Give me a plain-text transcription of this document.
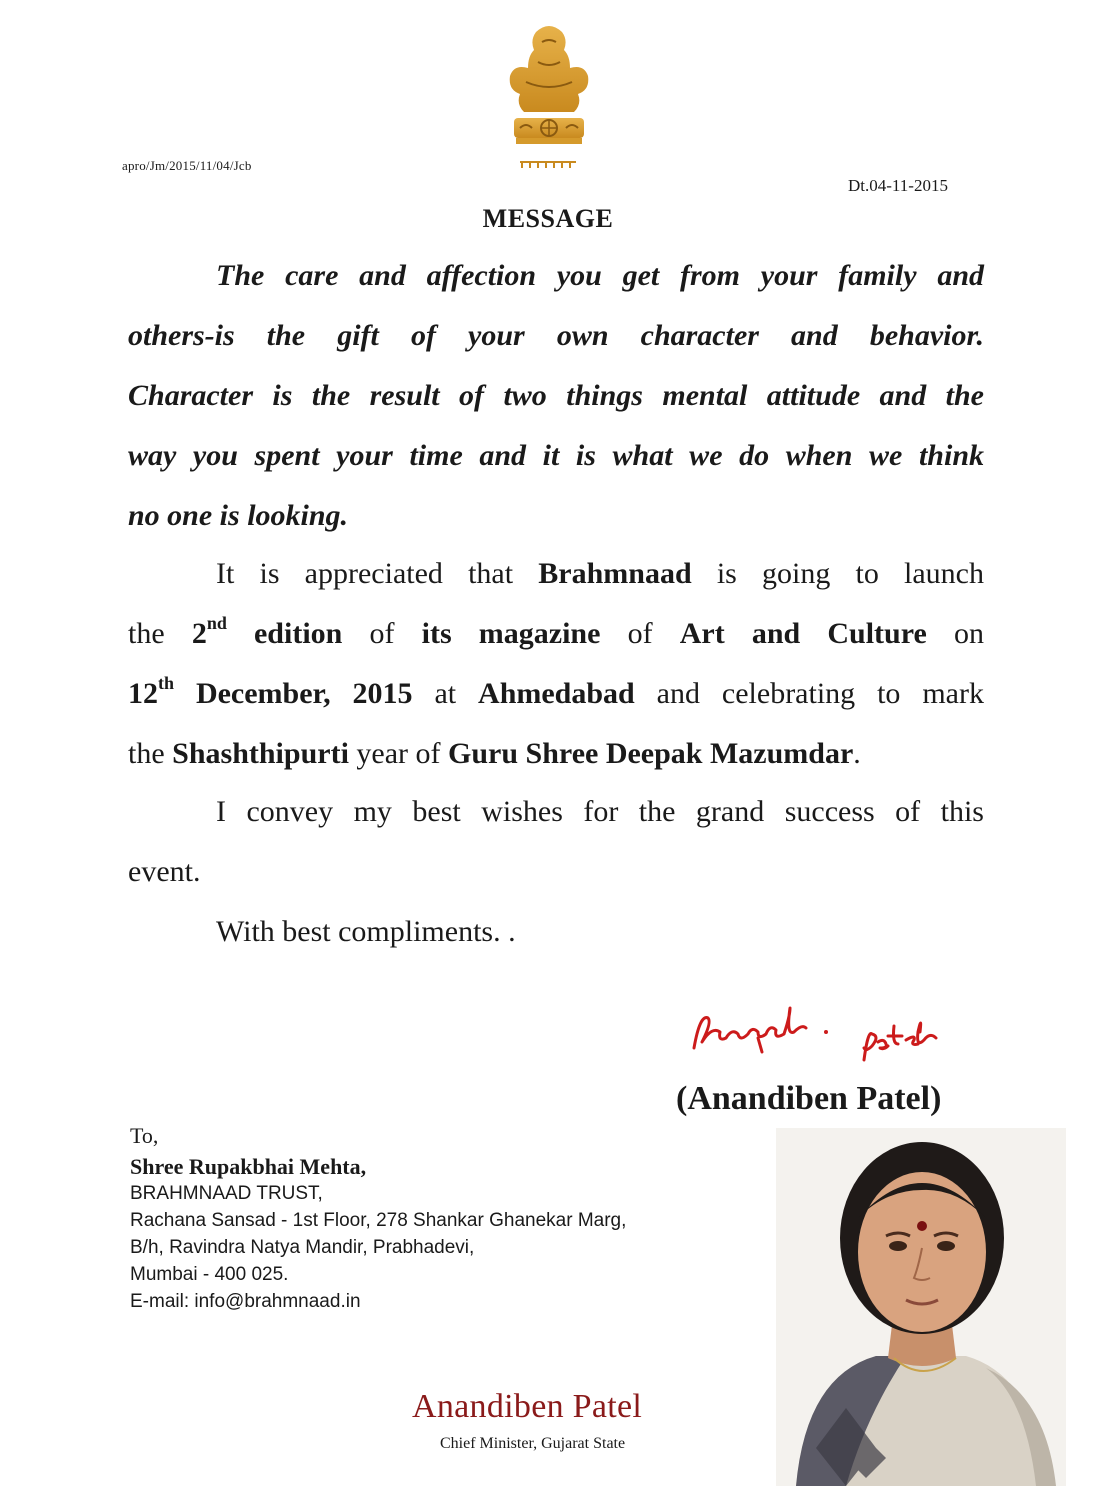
apro/Jm/2015/11/04/Jcb
Dt.04-11-2015
MESSAGE
The care and affection you get from your family and
others-is the gift of your own character and behavior.
Character is the result of two things mental attitude and the
way you spent your time and it is what we do when we think
no one is looking.
It is appreciated that Brahmnaad is going to launch
the 2nd edition of its magazine of Art and Culture on
12th December, 2015 at Ahmedabad and celebrating to mark
the Shashthipurti year of Guru Shree Deepak Mazumdar.
I convey my best wishes for the grand success of this
event.
With best compliments. .
(Anandiben Patel)
To,
Shree Rupakbhai Mehta,
BRAHMNAAD TRUST,
Rachana Sansad - 1st Floor, 278 Shankar Ghanekar Marg,
B/h, Ravindra Natya Mandir, Prabhadevi,
Mumbai - 400 025.
E-mail: info@brahmnaad.in
Anandiben Patel
Chief Minister, Gujarat State
